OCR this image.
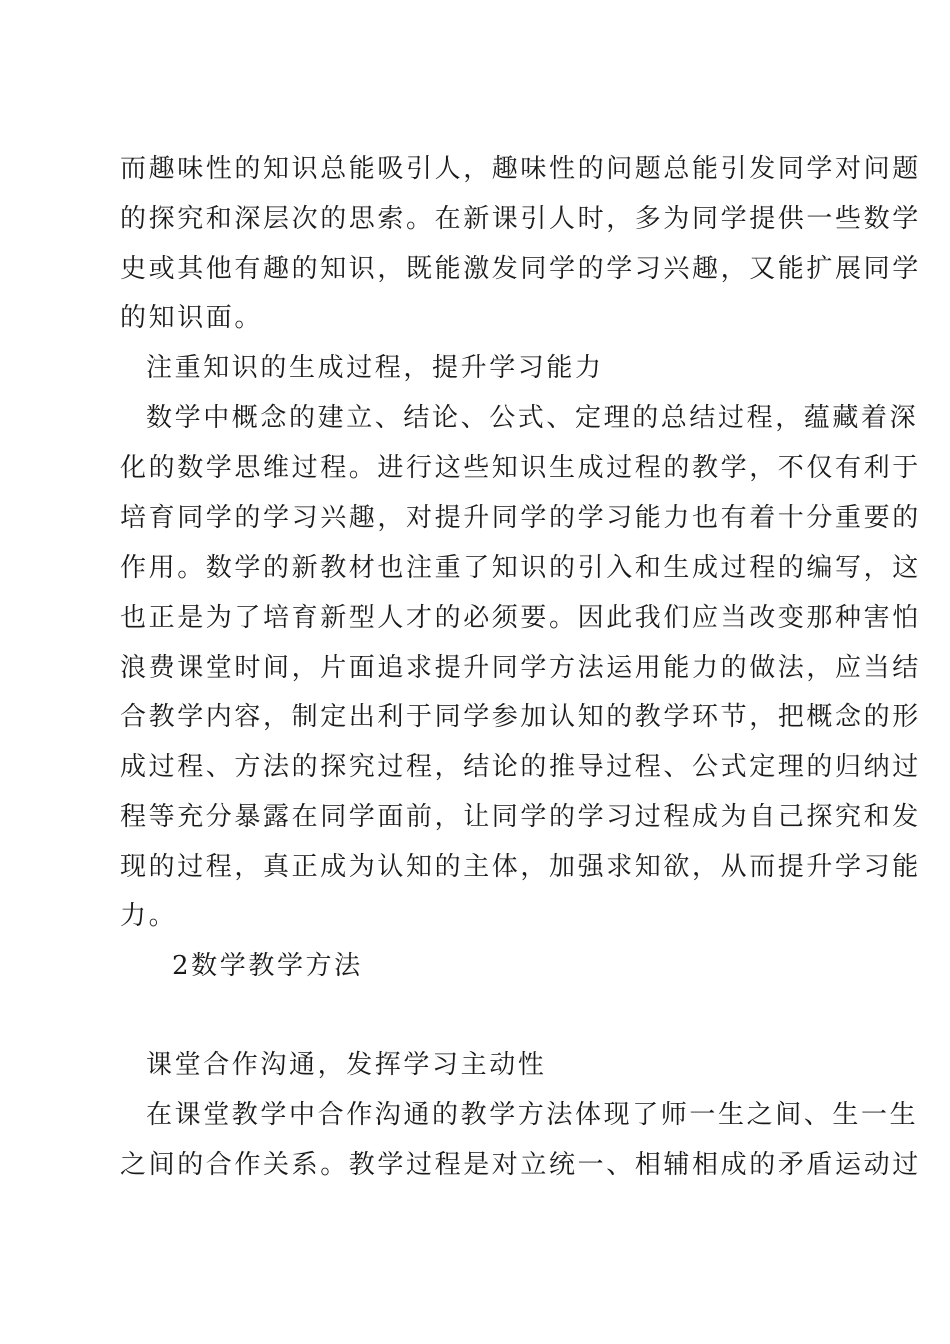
而趣味性的知识总能吸引人，趣味性的问题总能引发同学对问题
的探究和深层次的思索。在新课引人时，多为同学提供一些数学
史或其他有趣的知识，既能激发同学的学习兴趣，又能扩展同学
的知识面。
注重知识的生成过程，提升学习能力
数学中概念的建立、结论、公式、定理的总结过程，蕴藏着深
化的数学思维过程。进行这些知识生成过程的教学，不仅有利于
培育同学的学习兴趣，对提升同学的学习能力也有着十分重要的
作用。数学的新教材也注重了知识的引入和生成过程的编写，这
也正是为了培育新型人才的必须要。因此我们应当改变那种害怕
浪费课堂时间，片面追求提升同学方法运用能力的做法，应当结
合教学内容，制定出利于同学参加认知的教学环节，把概念的形
成过程、方法的探究过程，结论的推导过程、公式定理的归纳过
程等充分暴露在同学面前，让同学的学习过程成为自己探究和发
现的过程，真正成为认知的主体，加强求知欲，从而提升学习能
力。
2数学教学方法
课堂合作沟通，发挥学习主动性
在课堂教学中合作沟通的教学方法体现了师一生之间、生一生
之间的合作关系。教学过程是对立统一、相辅相成的矛盾运动过
